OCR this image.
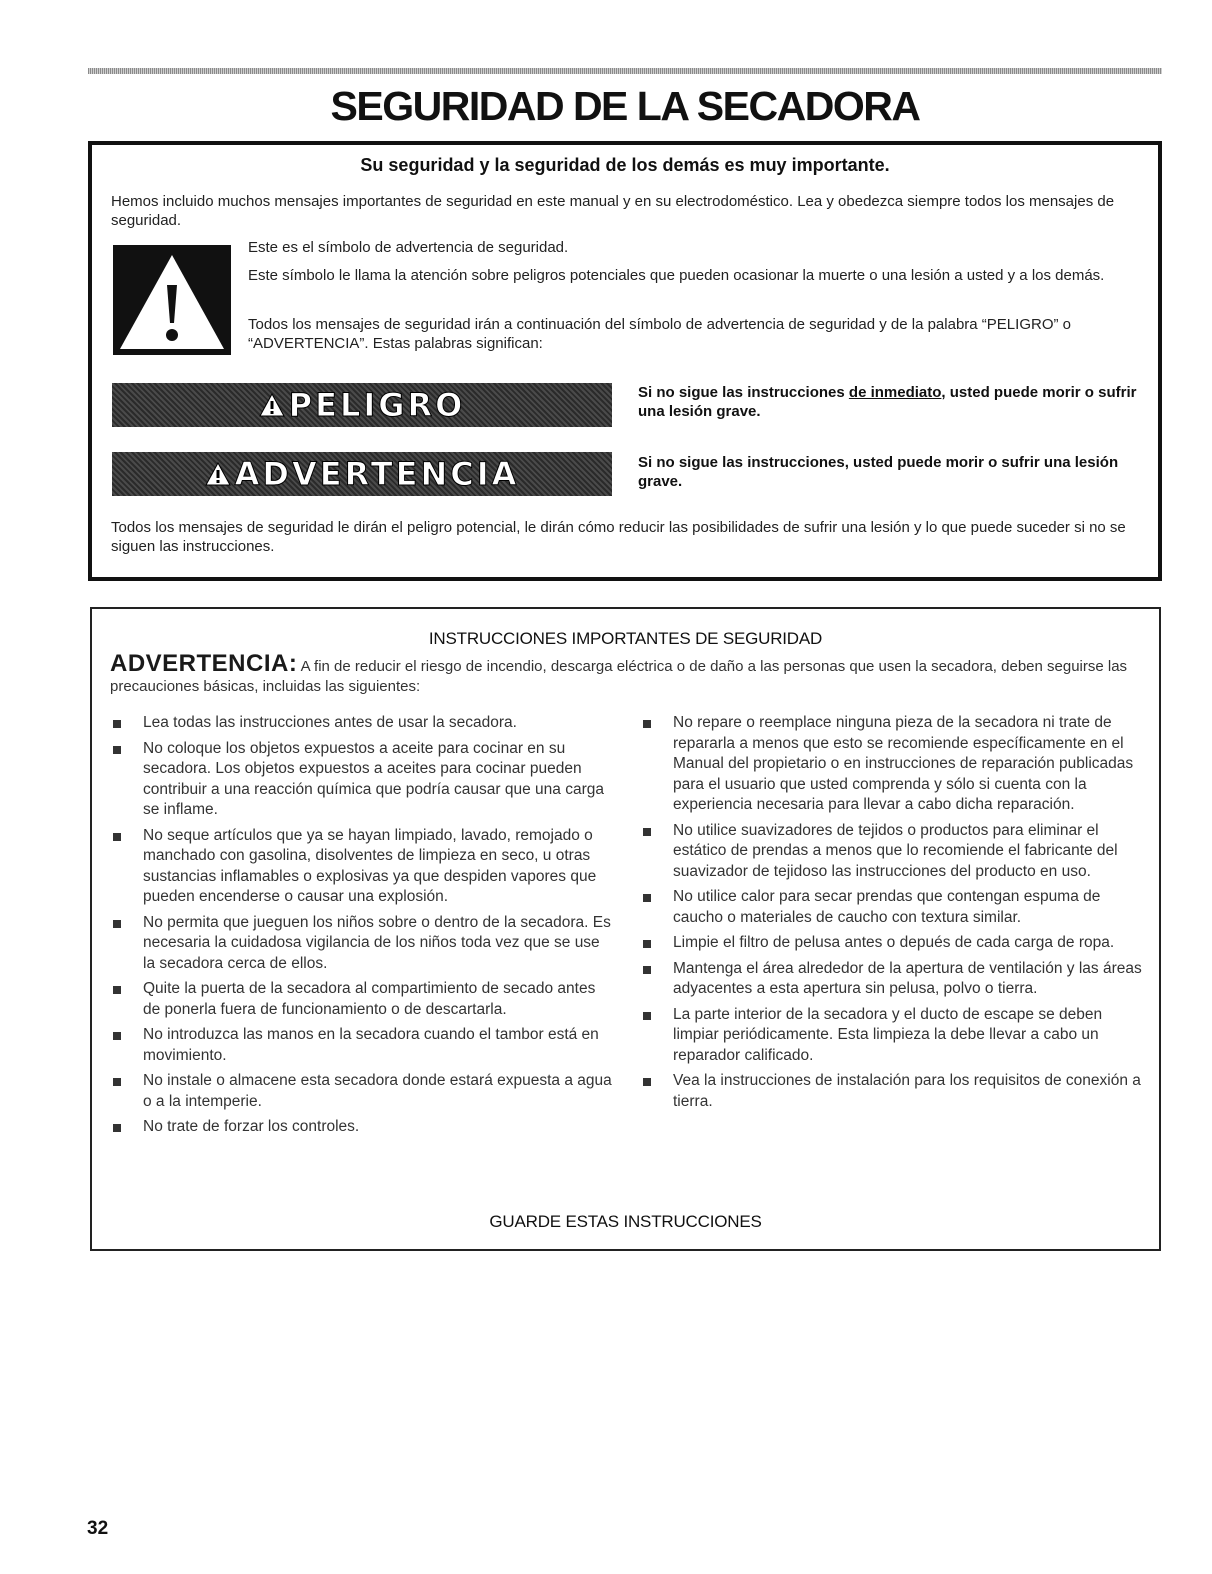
SEGURIDAD DE LA SECADORA
Su seguridad y la seguridad de los demás es muy importante.
Hemos incluido muchos mensajes importantes de seguridad en este manual y en su electrodoméstico. Lea y obedezca siempre todos los mensajes de seguridad.

Este es el símbolo de advertencia de seguridad.

Este símbolo le llama la atención sobre peligros potenciales que pueden ocasionar la muerte o una lesión a usted y a los demás.

Todos los mensajes de seguridad irán a continuación del símbolo de advertencia de seguridad y de la palabra “PELIGRO” o “ADVERTENCIA”. Estas palabras significan:

PELIGRO	Si no sigue las instrucciones de inmediato, usted puede morir o sufrir una lesión grave.
ADVERTENCIA	Si no sigue las instrucciones, usted puede morir o sufrir una lesión grave.
Todos los mensajes de seguridad le dirán el peligro potencial, le dirán cómo reducir las posibilidades de sufrir una lesión y lo que puede suceder si no se siguen las instrucciones.
INSTRUCCIONES IMPORTANTES DE SEGURIDAD
ADVERTENCIA: A fin de reducir el riesgo de incendio, descarga eléctrica o de daño a las personas que usen la secadora, deben seguirse las precauciones básicas, incluidas las siguientes:
Lea todas las instrucciones antes de usar la secadora.
No coloque los objetos expuestos a aceite para cocinar en su secadora. Los objetos expuestos a aceites para cocinar pueden contribuir a una reacción química que podría causar que una carga se inflame.
No seque artículos que ya se hayan limpiado, lavado, remojado o manchado con gasolina, disolventes de limpieza en seco, u otras sustancias inflamables o explosivas ya que despiden vapores que pueden encenderse o causar una explosión.
No permita que jueguen los niños sobre o dentro de la secadora. Es necesaria la cuidadosa vigilancia de los niños toda vez que se use la secadora cerca de ellos.
Quite la puerta de la secadora al compartimiento de secado antes de ponerla fuera de funcionamiento o de descartarla.
No introduzca las manos en la secadora cuando el tambor está en movimiento.
No instale o almacene esta secadora donde estará expuesta a agua o a la intemperie.
No trate de forzar los controles.
No repare o reemplace ninguna pieza de la secadora ni trate de repararla a menos que esto se recomiende específicamente en el Manual del propietario o en instrucciones de reparación publicadas para el usuario que usted comprenda y sólo si cuenta con la experiencia necesaria para llevar a cabo dicha reparación.
No utilice suavizadores de tejidos o productos para eliminar el estático de prendas a menos que lo recomiende el fabricante del suavizador de tejidoso las instrucciones del producto en uso.
No utilice calor para secar prendas que contengan espuma de caucho o materiales de caucho con textura similar.
Limpie el filtro de pelusa antes o depués de cada carga de ropa.
Mantenga el área alrededor de la apertura de ventilación y las áreas adyacentes a esta apertura sin pelusa, polvo o tierra.
La parte interior de la secadora y el ducto de escape se deben limpiar periódicamente. Esta limpieza la debe llevar a cabo un reparador calificado.
Vea la instrucciones de instalación para los requisitos de conexión a tierra.
GUARDE ESTAS INSTRUCCIONES
32
